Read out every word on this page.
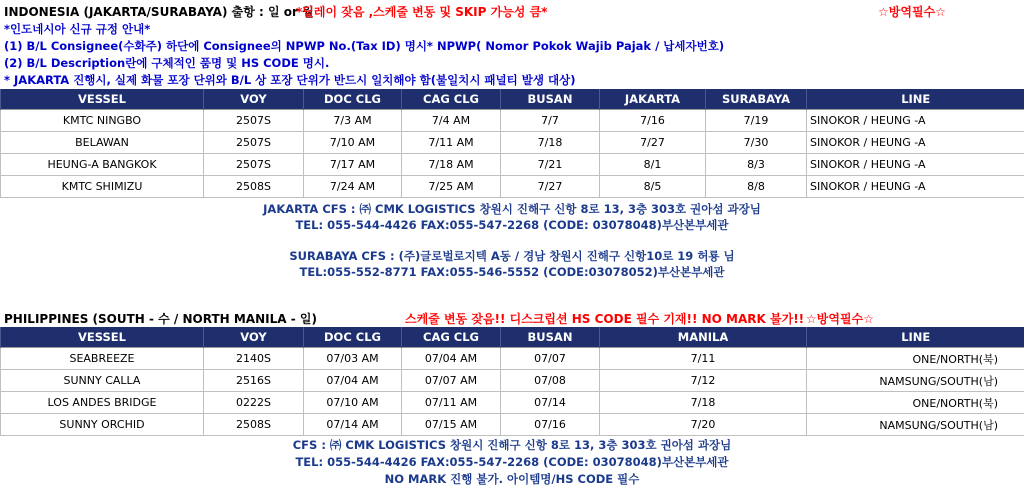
INDONESIA (JAKARTA/SURABAYA) 출항 : 일 or 월
*딜레이 잦음 ,스케줄 변동 및 SKIP 가능성 큼*	☆방역필수☆
*인도네시아 신규 규정 안내*
(1) B/L Consignee(수화주) 하단에 Consignee의 NPWP No.(Tax ID) 명시* NPWP( Nomor Pokok Wajib Pajak / 납세자번호)
(2) B/L Description란에 구체적인 품명 및 HS CODE 명시.
* JAKARTA 진행시, 실제 화물 포장 단위와 B/L 상 포장 단위가 반드시 일치해야 함(불일치시 패널티 발생 대상)
VESSEL	VOY	DOC CLG	CAG CLG	BUSAN	JAKARTA	SURABAYA	LINE
KMTC NINGBO	2507S	7/3 AM	7/4 AM	7/7	7/16	7/19	SINOKOR / HEUNG -A
BELAWAN	2507S	7/10 AM	7/11 AM	7/18	7/27	7/30	SINOKOR / HEUNG -A
HEUNG-A BANGKOK	2507S	7/17 AM	7/18 AM	7/21	8/1	8/3	SINOKOR / HEUNG -A
KMTC SHIMIZU	2508S	7/24 AM	7/25 AM	7/27	8/5	8/8	SINOKOR / HEUNG -A
JAKARTA CFS : ㈜ CMK LOGISTICS 창원시 진해구 신항 8로 13, 3층 303호 권아섬 과장님
TEL: 055-544-4426 FAX:055-547-2268 (CODE: 03078048)부산본부세관
SURABAYA CFS : (주)글로벌로지텍 A동 / 경남 창원시 진해구 신항10로 19 허룡 님
TEL:055-552-8771 FAX:055-546-5552 (CODE:03078052)부산본부세관
PHILIPPINES (SOUTH - 수 / NORTH MANILA - 일)	스케줄 변동 잦음!! 디스크립션 HS CODE 필수 기재!! NO MARK 불가!! ☆방역필수☆
VESSEL	VOY	DOC CLG	CAG CLG	BUSAN	MANILA	LINE
SEABREEZE	2140S	07/03 AM	07/04 AM	07/07	7/11	ONE/NORTH(북)
SUNNY CALLA	2516S	07/04 AM	07/07 AM	07/08	7/12	NAMSUNG/SOUTH(남)
LOS ANDES BRIDGE	0222S	07/10 AM	07/11 AM	07/14	7/18	ONE/NORTH(북)
SUNNY ORCHID	2508S	07/14 AM	07/15 AM	07/16	7/20	NAMSUNG/SOUTH(남)
CFS : ㈜ CMK LOGISTICS 창원시 진해구 신항 8로 13, 3층 303호 권아섬 과장님
TEL: 055-544-4426 FAX:055-547-2268 (CODE: 03078048)부산본부세관
NO MARK 진행 불가. 아이템명/HS CODE 필수
